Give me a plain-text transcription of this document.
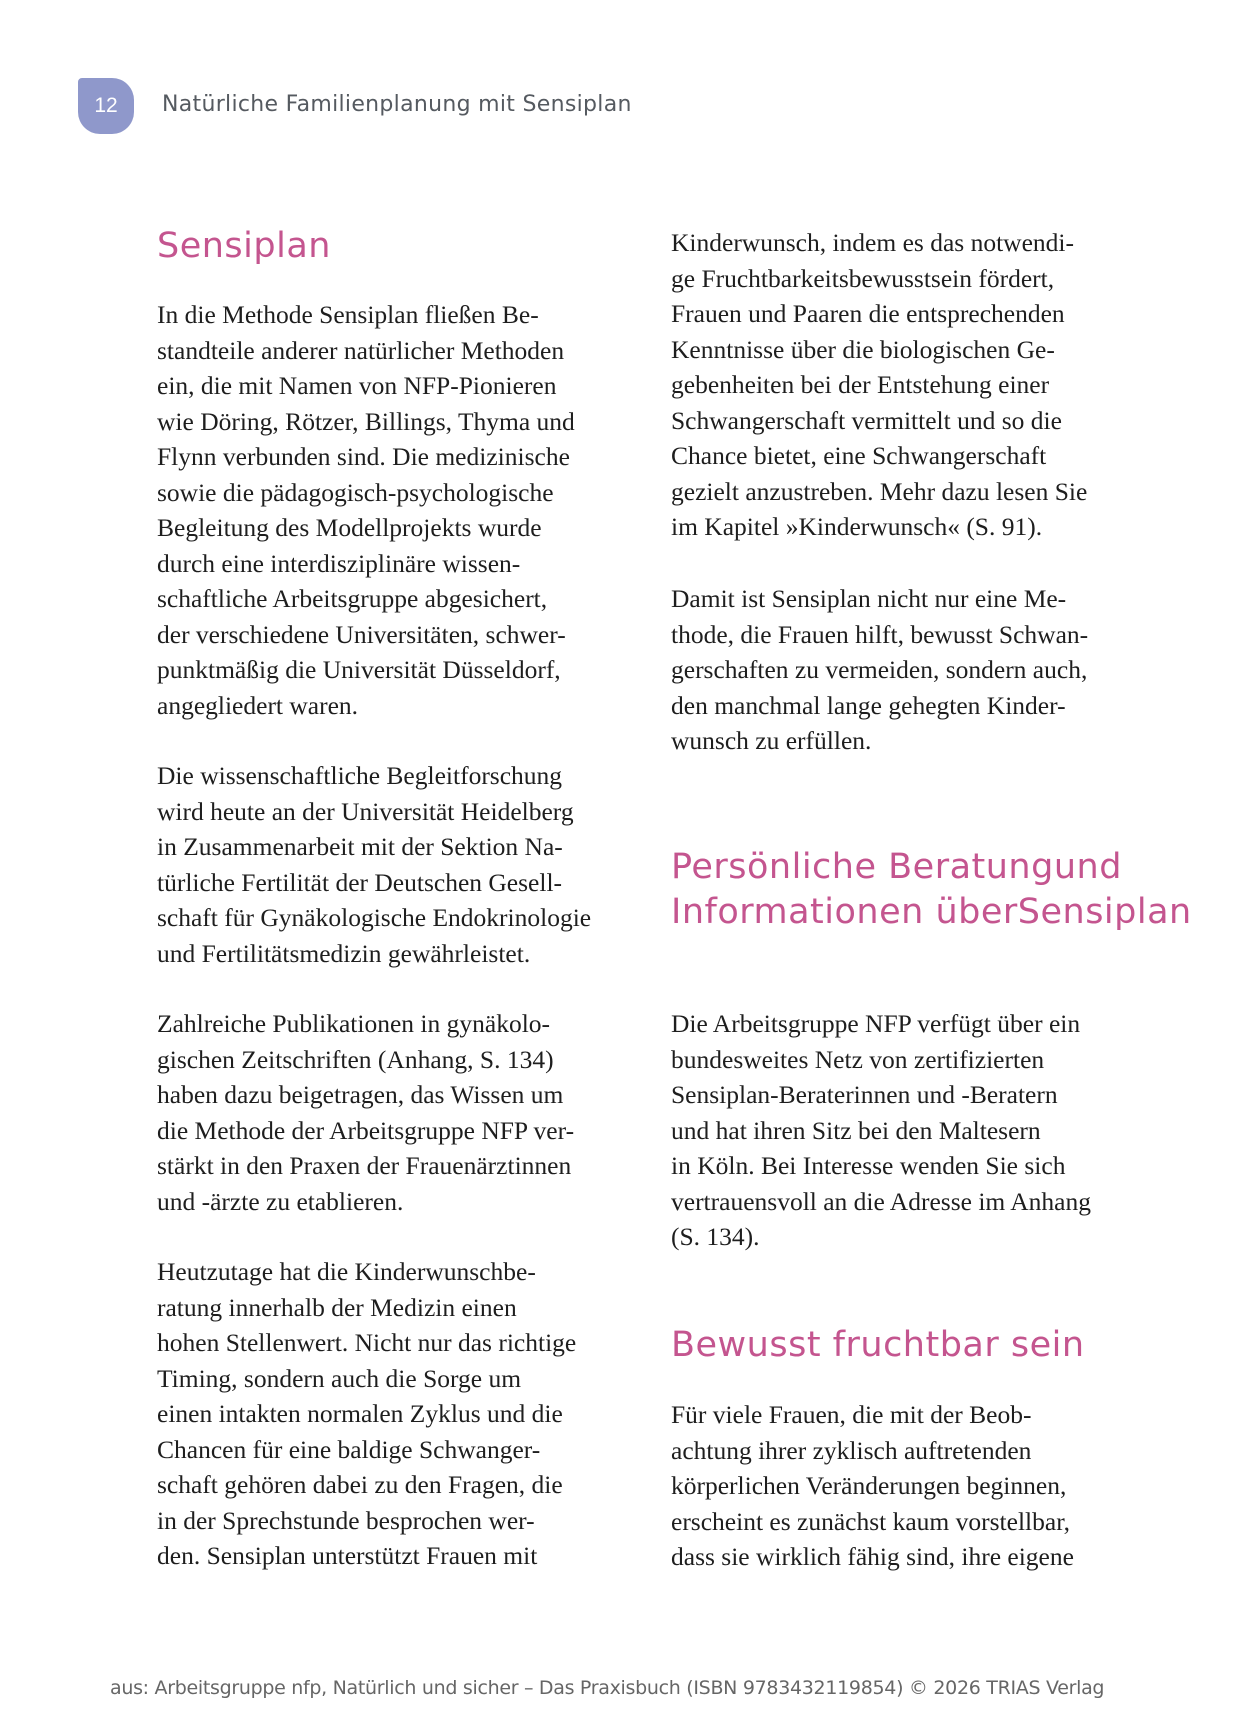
12	Natürliche Familienplanung mit Sensiplan
Sensiplan
In die Methode Sensiplan fließen Be-
standteile anderer natürlicher Methoden
ein, die mit Namen von NFP-Pionieren
wie Döring, Rötzer, Billings, Thyma und
Flynn verbunden sind. Die medizinische
sowie die pädagogisch-psychologische
Begleitung des Modellprojekts wurde
durch eine interdisziplinäre wissen-
schaftliche Arbeitsgruppe abgesichert,
der verschiedene Universitäten, schwer-
punktmäßig die Universität Düsseldorf,
angegliedert waren.
Die wissenschaftliche Begleitforschung
wird heute an der Universität Heidelberg
in Zusammenarbeit mit der Sektion Na-
türliche Fertilität der Deutschen Gesell-
schaft für Gynäkologische Endokrinologie
und Fertilitätsmedizin gewährleistet.
Zahlreiche Publikationen in gynäkolo-
gischen Zeitschriften (Anhang, S. 134)
haben dazu beigetragen, das Wissen um
die Methode der Arbeitsgruppe NFP ver-
stärkt in den Praxen der Frauenärztinnen
und -ärzte zu etablieren.
Heutzutage hat die Kinderwunschbe-
ratung innerhalb der Medizin einen
hohen Stellenwert. Nicht nur das richtige
Timing, sondern auch die Sorge um
einen intakten normalen Zyklus und die
Chancen für eine baldige Schwanger-
schaft gehören dabei zu den Fragen, die
in der Sprechstunde besprochen wer-
den. Sensiplan unterstützt Frauen mit
Kinderwunsch, indem es das notwendi-
ge Fruchtbarkeitsbewusstsein fördert,
Frauen und Paaren die entsprechenden
Kenntnisse über die biologischen Ge-
gebenheiten bei der Entstehung einer
Schwangerschaft vermittelt und so die
Chance bietet, eine Schwangerschaft
gezielt anzustreben. Mehr dazu lesen Sie
im Kapitel »Kinderwunsch« (S. 91).
Damit ist Sensiplan nicht nur eine Me-
thode, die Frauen hilft, bewusst Schwan-
gerschaften zu vermeiden, sondern auch,
den manchmal lange gehegten Kinder-
wunsch zu erfüllen.
Persönliche Beratungund Informationen überSensiplan
Die Arbeitsgruppe NFP verfügt über ein
bundesweites Netz von zertifizierten
Sensiplan-Beraterinnen und -Beratern
und hat ihren Sitz bei den Maltesern
in Köln. Bei Interesse wenden Sie sich
vertrauensvoll an die Adresse im Anhang
(S. 134).
Bewusst fruchtbar sein
Für viele Frauen, die mit der Beob-
achtung ihrer zyklisch auftretenden
körperlichen Veränderungen beginnen,
erscheint es zunächst kaum vorstellbar,
dass sie wirklich fähig sind, ihre eigene
aus: Arbeitsgruppe nfp, Natürlich und sicher – Das Praxisbuch (ISBN 9783432119854) © 2026 TRIAS Verlag
